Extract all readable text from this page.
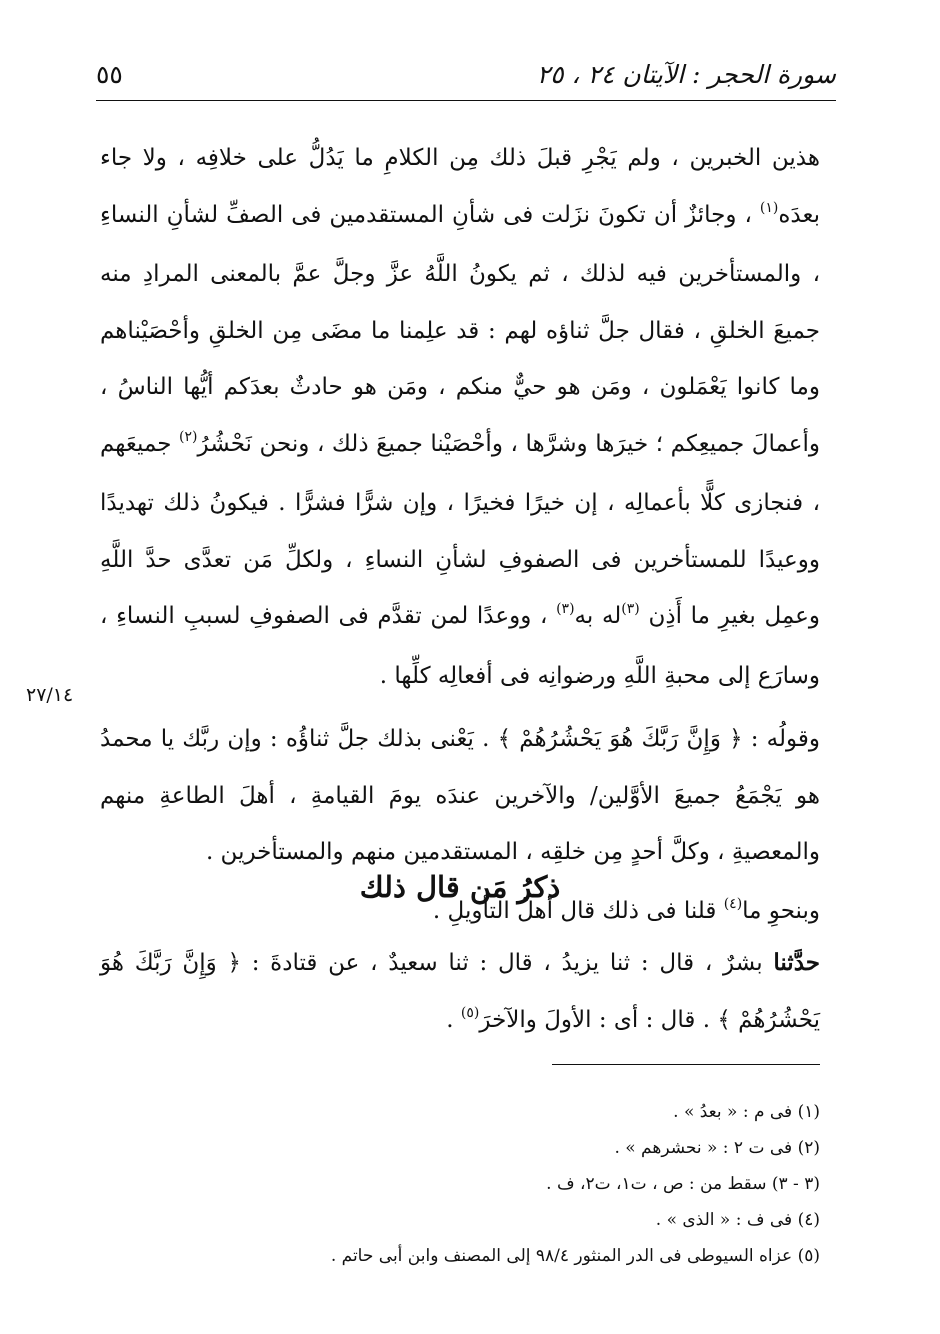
سورة الحجر : الآيتان ٢٤ ، ٢٥
٥٥

هذين الخبرين ، ولم يَجْرِ قبلَ ذلك مِن الكلامِ ما يَدُلُّ على خلافِه ، ولا جاء بعدَه$^{(١)}$ ، وجائزٌ أن تكونَ نزَلت فى شأنِ المستقدمين فى الصفِّ لشأنِ النساءِ ، والمستأخرين فيه لذلك ، ثم يكونُ اللَّهُ عزَّ وجلَّ عمَّ بالمعنى المرادِ منه جميعَ الخلقِ ، فقال جلَّ ثناؤه لهم : قد علِمنا ما مضَى مِن الخلقِ وأحْصَيْناهم وما كانوا يَعْمَلون ، ومَن هو حيٌّ منكم ، ومَن هو حادثٌ بعدَكم أيُّها الناسُ ، وأعمالَ جميعِكم ؛ خيرَها وشرَّها ، وأحْصَيْنا جميعَ ذلك ، ونحن نَحْشُرُ$^{(٢)}$ جميعَهم ، فنجازى كلًّا بأعمالِه ، إن خيرًا فخيرًا ، وإن شرًّا فشرًّا . فيكونُ ذلك تهديدًا ووعيدًا للمستأخرين فى الصفوفِ لشأنِ النساءِ ، ولكلِّ مَن تعدَّى حدَّ اللَّهِ وعمِل بغيرِ ما أَذِن $^{(٣)}$له به$^{(٣)}$ ، ووعدًا لمن تقدَّم فى الصفوفِ لسببِ النساءِ ، وسارَع إلى محبةِ اللَّهِ ورضوانِه فى أفعالِه كلِّها .

وقولُه : ﴿ وَإِنَّ رَبَّكَ هُوَ يَحْشُرُهُمْ ﴾ . يَعْنى بذلك جلَّ ثناؤُه : وإن ربَّك يا محمدُ هو يَجْمَعُ جميعَ الأوَّلين/ والآخرين عندَه يومَ القيامةِ ، أهلَ الطاعةِ منهم والمعصيةِ ، وكلَّ أحدٍ مِن خلقِه ، المستقدمين منهم والمستأخرين .

وبنحوِ ما$^{(٤)}$ قلنا فى ذلك قال أهلُ التأويلِ .

٢٧/١٤
ذكرُ مَن قال ذلك

حدَّثنا بشرٌ ، قال : ثنا يزيدُ ، قال : ثنا سعيدٌ ، عن قتادةَ : ﴿ وَإِنَّ رَبَّكَ هُوَ يَحْشُرُهُمْ ﴾ . قال : أى : الأولَ والآخرَ$^{(٥)}$ .

(١) فى م : « بعدُ » .

(٢) فى ت ٢ : « نحشرهم » .

(٣ - ٣) سقط من : ص ، ت١، ت٢، ف .

(٤) فى ف : « الذى » .

(٥) عزاه السيوطى فى الدر المنثور ٩٨/٤ إلى المصنف وابن أبى حاتم .
